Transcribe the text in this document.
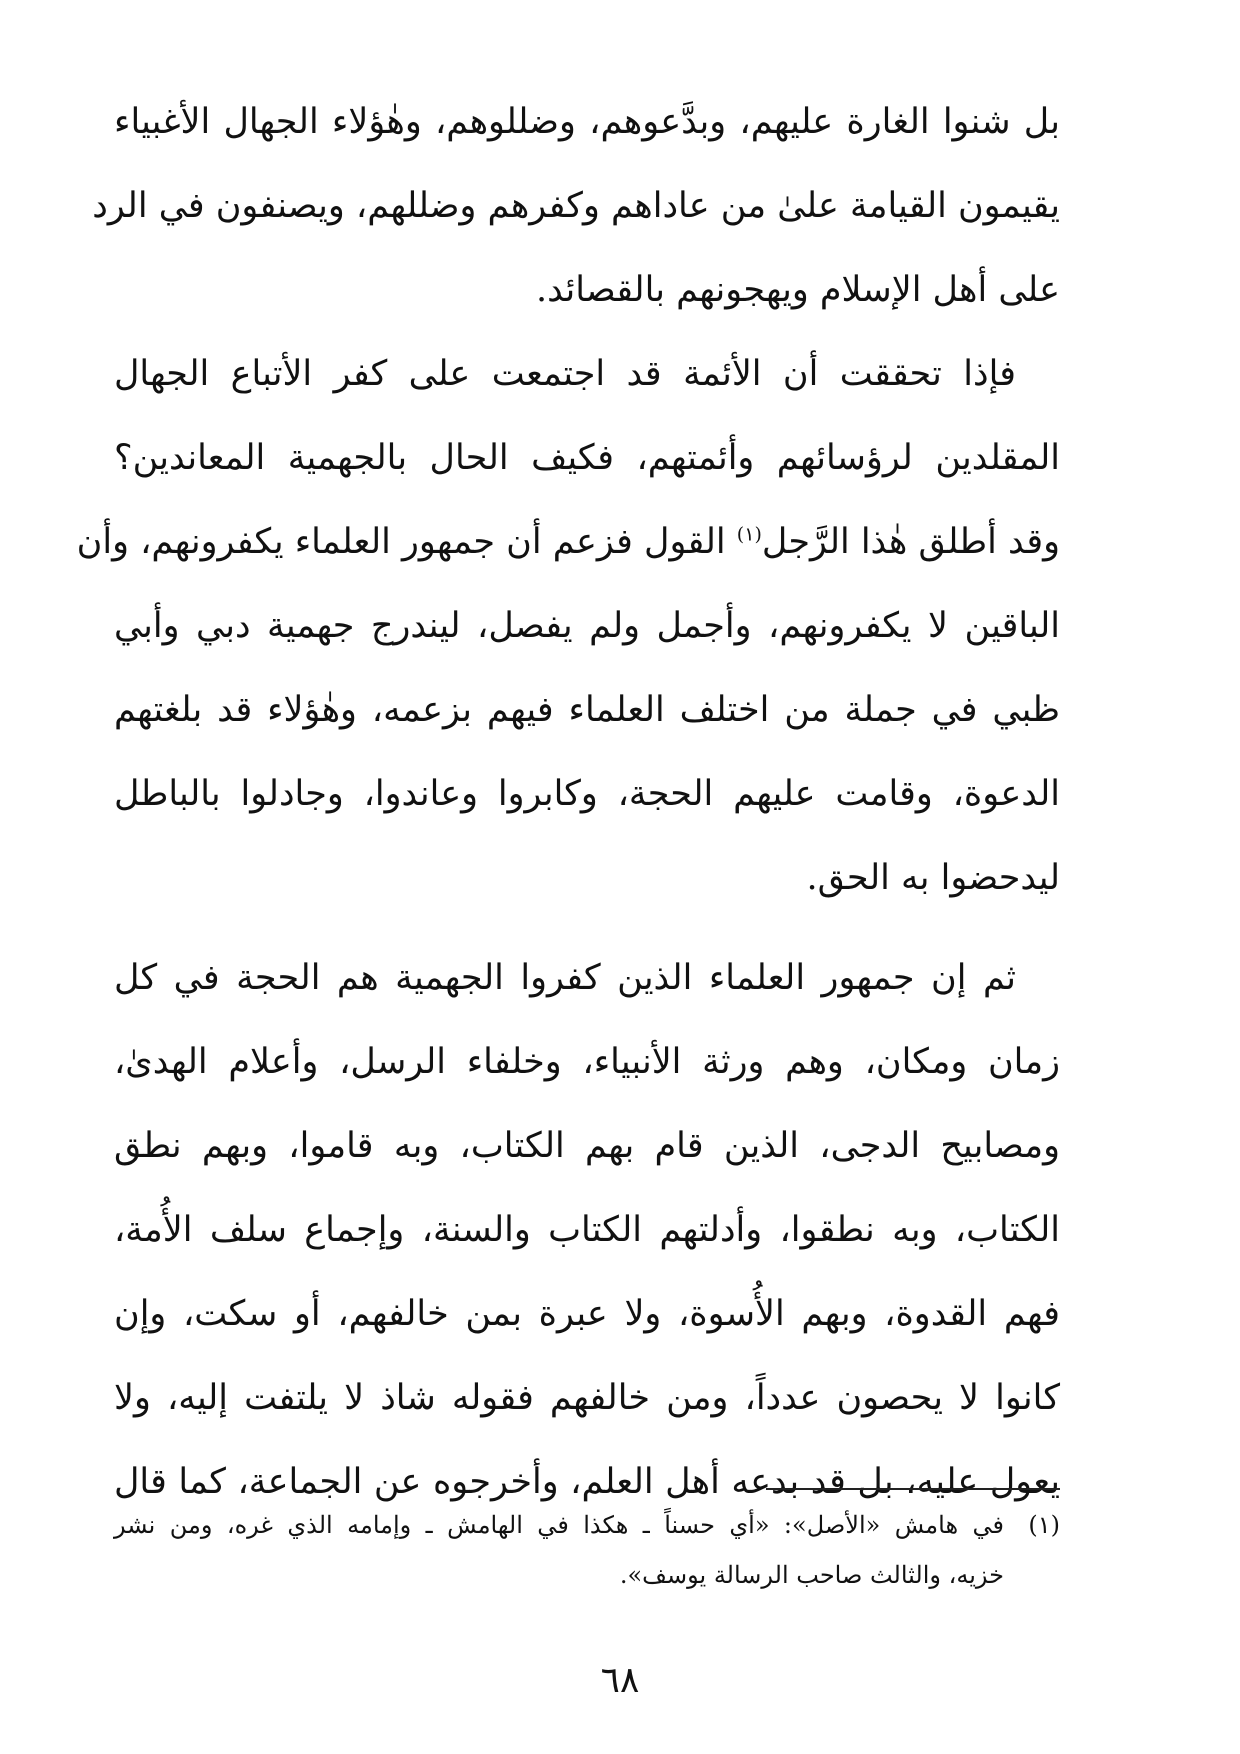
بل شنوا الغارة عليهم، وبدَّعوهم، وضللوهم، وهٰؤلاء الجهال الأغبياء
يقيمون القيامة علىٰ من عاداهم وكفرهم وضللهم، ويصنفون في الرد
على أهل الإسلام ويهجونهم بالقصائد.
فإذا تحققت أن الأئمة قد اجتمعت على كفر الأتباع الجهال
المقلدين لرؤسائهم وأئمتهم، فكيف الحال بالجهمية المعاندين؟
وقد أطلق هٰذا الرَّجل$^{(١)}$ القول فزعم أن جمهور العلماء يكفرونهم، وأن
الباقين لا يكفرونهم، وأجمل ولم يفصل، ليندرج جهمية دبي وأبي
ظبي في جملة من اختلف العلماء فيهم بزعمه، وهٰؤلاء قد بلغتهم
الدعوة، وقامت عليهم الحجة، وكابروا وعاندوا، وجادلوا بالباطل
ليدحضوا به الحق.
ثم إن جمهور العلماء الذين كفروا الجهمية هم الحجة في كل
زمان ومكان، وهم ورثة الأنبياء، وخلفاء الرسل، وأعلام الهدىٰ،
ومصابيح الدجى، الذين قام بهم الكتاب، وبه قاموا، وبهم نطق
الكتاب، وبه نطقوا، وأدلتهم الكتاب والسنة، وإجماع سلف الأُمة،
فهم القدوة، وبهم الأُسوة، ولا عبرة بمن خالفهم، أو سكت، وإن
كانوا لا يحصون عدداً، ومن خالفهم فقوله شاذ لا يلتفت إليه، ولا
يعول عليه، بل قد بدعه أهل العلم، وأخرجوه عن الجماعة، كما قال
(١)في هامش «الأصل»: «أي حسناً ـ هكذا في الهامش ـ وإمامه الذي غره، ومن نشر
خزيه، والثالث صاحب الرسالة يوسف».
٦٨
